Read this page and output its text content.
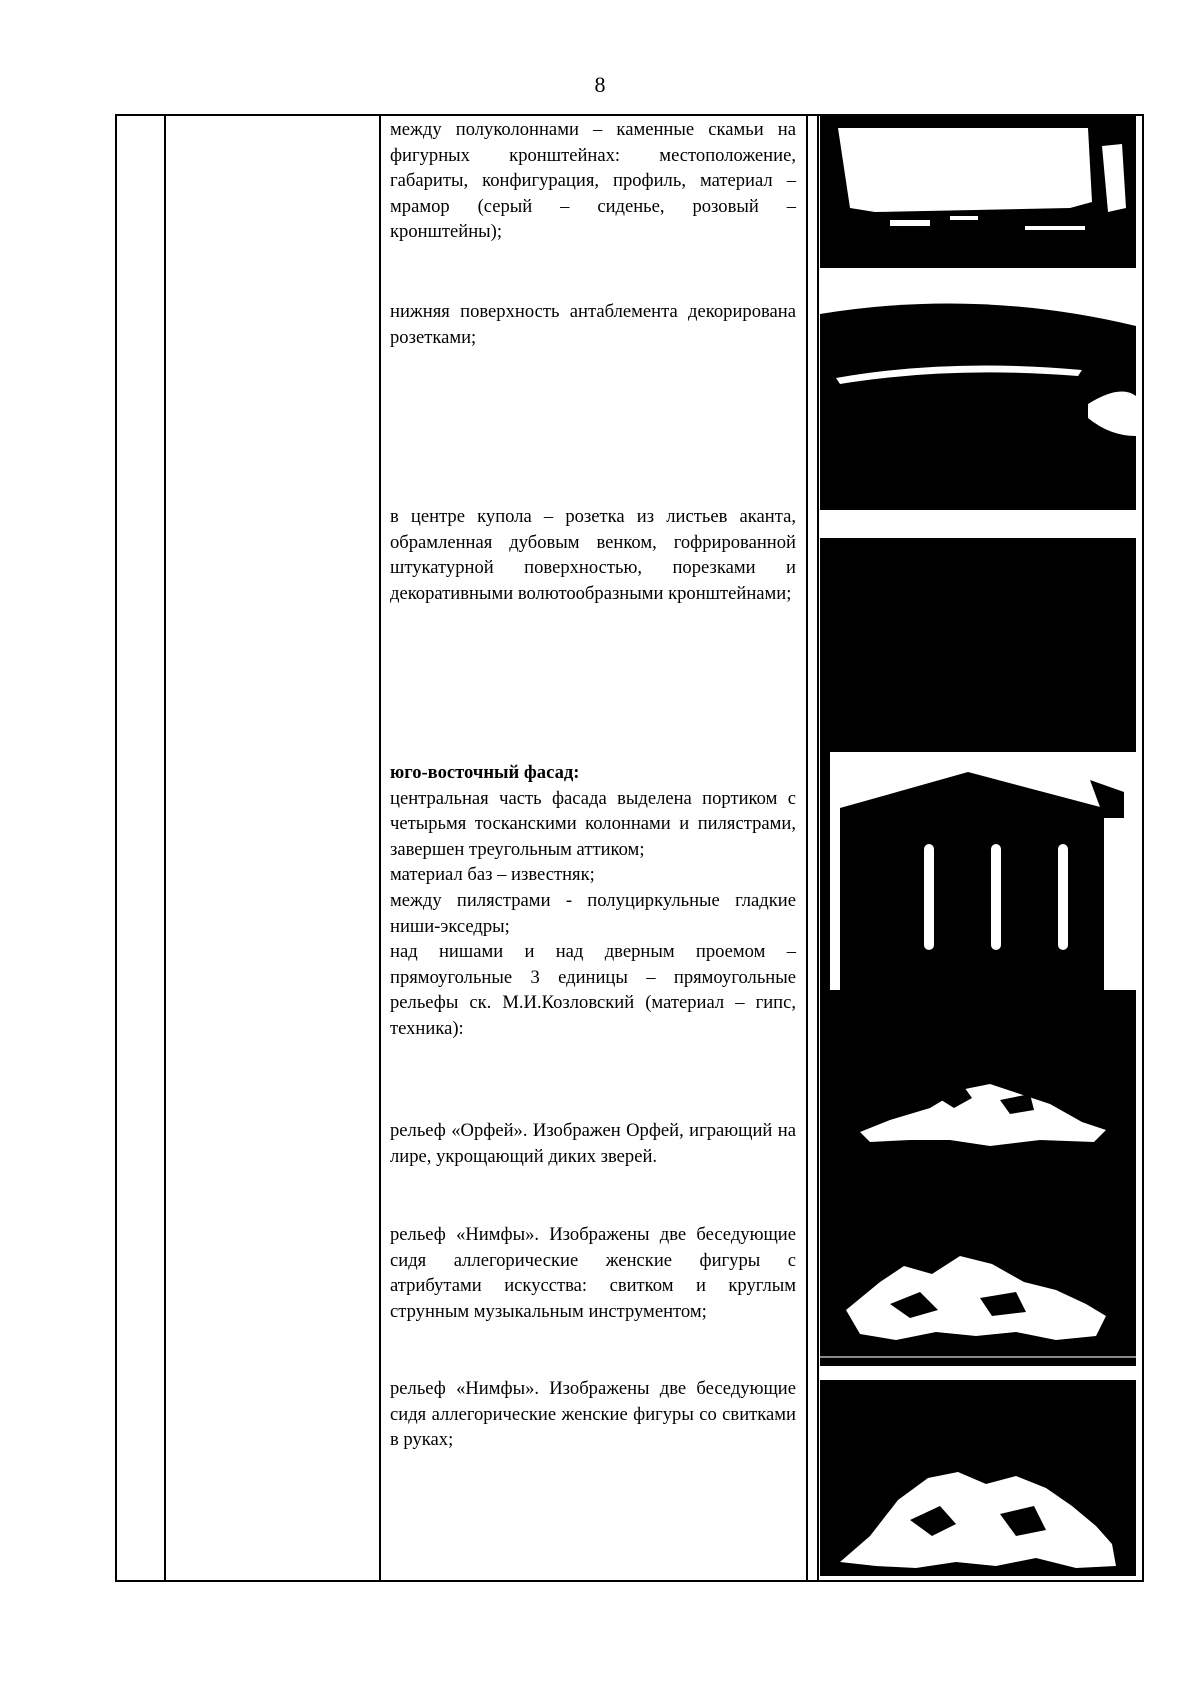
8

между полуколоннами – каменные скамьи на фигурных кронштейнах: местоположение, габариты, конфигурация, профиль, материал – мрамор (серый – сиденье, розовый – кронштейны);

нижняя поверхность антаблемента декорирована розетками;

в центре купола – розетка из листьев аканта, обрамленная дубовым венком, гофрированной штукатурной поверхностью, порезками и декоративными волютообразными кронштейнами;

юго-восточный фасад:

центральная часть фасада выделена портиком с четырьмя тосканскими колоннами и пилястрами, завершен треугольным аттиком;

материал баз – известняк;

между пилястрами - полуциркульные гладкие ниши-экседры;

над нишами и над дверным проемом – прямоугольные 3 единицы – прямоугольные рельефы ск. М.И.Козловский (материал – гипс, техника):

рельеф «Орфей». Изображен Орфей, играющий на лире, укрощающий диких зверей.

рельеф «Нимфы». Изображены две беседующие сидя аллегорические женские фигуры с атрибутами искусства: свитком и круглым струнным музыкальным инструментом;

рельеф «Нимфы». Изображены две беседующие сидя аллегорические женские фигуры со свитками в руках;
